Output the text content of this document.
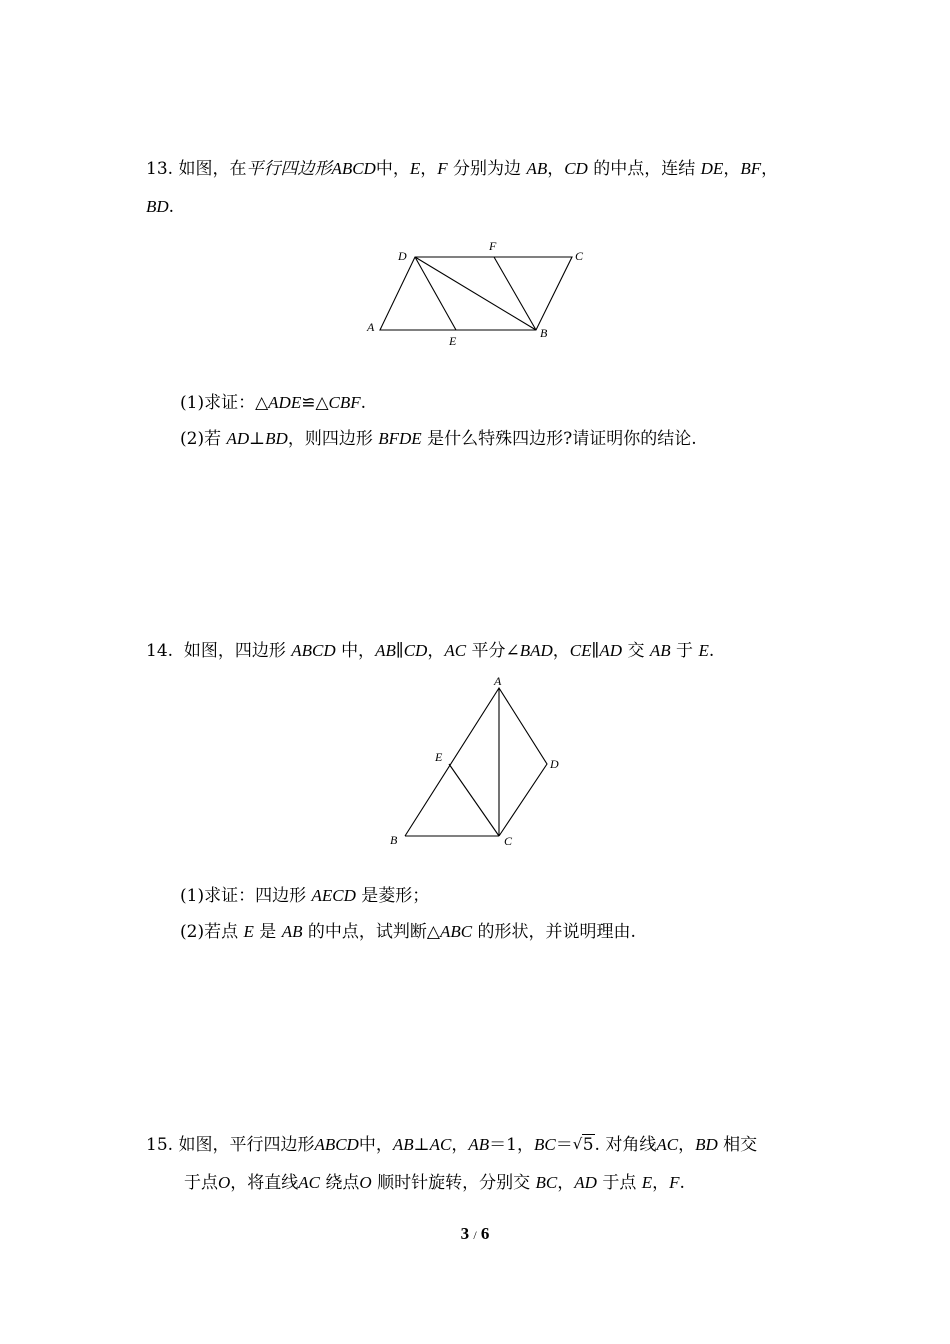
13. 如图，在平行四边形ABCD中，E，F 分别为边 AB，CD 的中点，连结 DE，BF，
BD.
D
F
C
A
E
B
(1)求证：△ADE≌△CBF.
(2)若 AD⊥BD，则四边形 BFDE 是什么特殊四边形?请证明你的结论.
14. 如图，四边形 ABCD 中，AB∥CD，AC 平分∠BAD，CE∥AD 交 AB 于 E.
A
E	D
B	C
(1)求证：四边形 AECD 是菱形；
(2)若点 E 是 AB 的中点，试判断△ABC 的形状，并说明理由.
15. 如图，平行四边形ABCD中，AB⊥AC，AB＝1，BC＝ √ 5. 对角线AC，BD 相交
于点O，将直线AC 绕点O 顺时针旋转，分别交 BC，AD 于点 E，F.
3 / 6
